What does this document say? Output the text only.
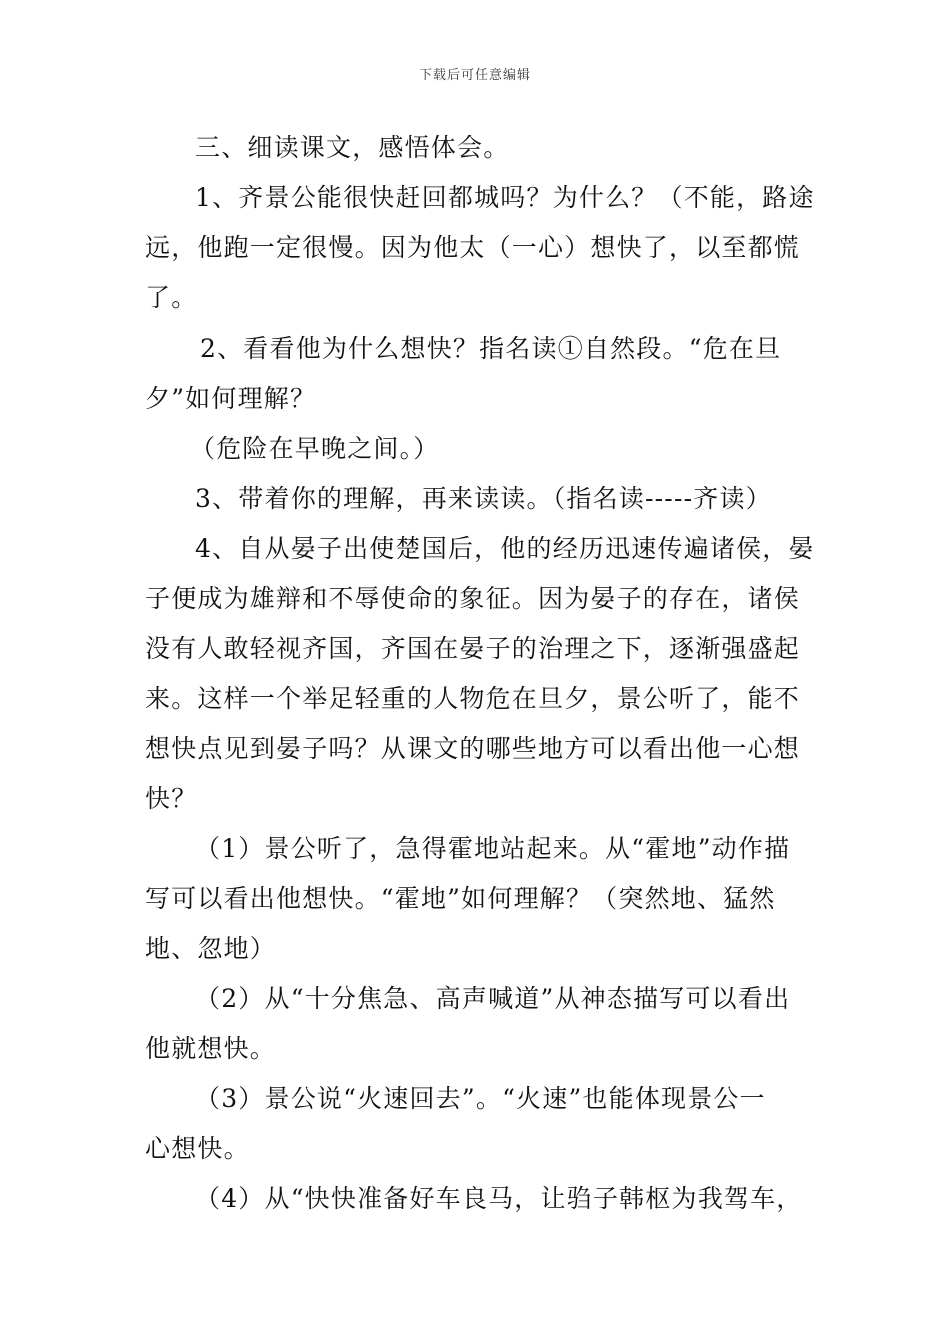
下载后可任意编辑
三、细读课文，感悟体会。
1、齐景公能很快赶回都城吗？为什么？（不能，路途
远，他跑一定很慢。因为他太（一心）想快了，以至都慌
了。
2、看看他为什么想快？指名读①自然段。“危在旦
夕”如何理解？
（危险在早晚之间。）
3、带着你的理解，再来读读。（指名读-----齐读）
4、自从晏子出使楚国后，他的经历迅速传遍诸侯，晏
子便成为雄辩和不辱使命的象征。因为晏子的存在，诸侯
没有人敢轻视齐国，齐国在晏子的治理之下，逐渐强盛起
来。这样一个举足轻重的人物危在旦夕，景公听了，能不
想快点见到晏子吗？从课文的哪些地方可以看出他一心想
快？
（1）景公听了，急得霍地站起来。从“霍地”动作描
写可以看出他想快。“霍地”如何理解？（突然地、猛然
地、忽地）
（2）从“十分焦急、高声喊道”从神态描写可以看出
他就想快。
（3）景公说“火速回去”。“火速”也能体现景公一
心想快。
（4）从“快快准备好车良马，让驺子韩枢为我驾车，
